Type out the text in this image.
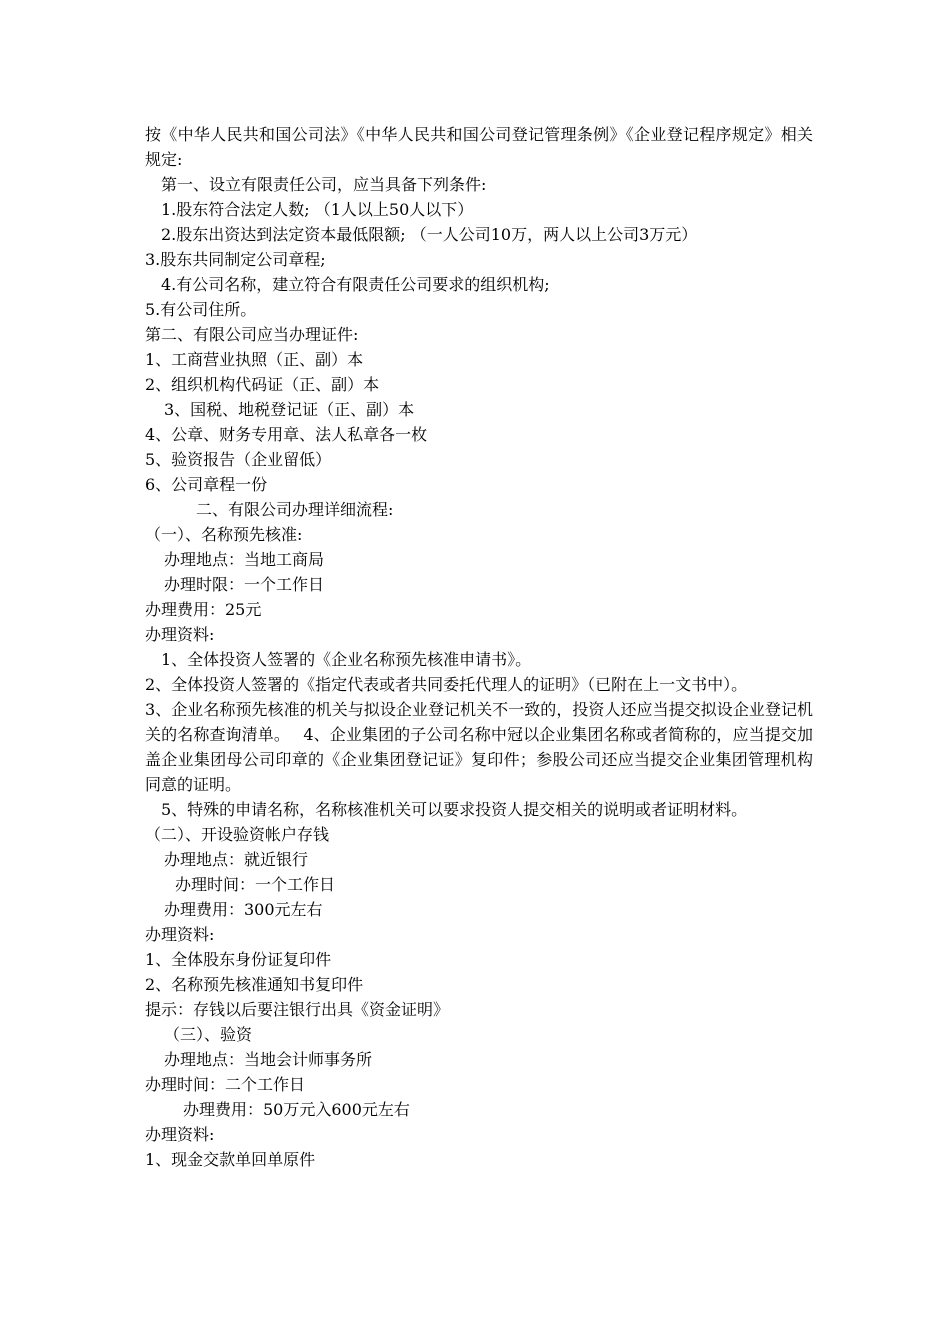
按《中华人民共和国公司法》《中华人民共和国公司登记管理条例》《企业登记程序规定》相关规定:
第一、设立有限责任公司，应当具备下列条件:
1.股东符合法定人数; （1人以上50人以下）
2.股东出资达到法定资本最低限额; （一人公司10万，两人以上公司3万元）
3.股东共同制定公司章程;
4.有公司名称，建立符合有限责任公司要求的组织机构;
5.有公司住所。
第二、有限公司应当办理证件:
1、工商营业执照（正、副）本
2、组织机构代码证（正、副）本
3、国税、地税登记证（正、副）本
4、公章、财务专用章、法人私章各一枚
5、验资报告（企业留低）
6、公司章程一份
二、有限公司办理详细流程:
（一）、名称预先核准:
办理地点：当地工商局
办理时限：一个工作日
办理费用：25元
办理资料:
1、全体投资人签署的《企业名称预先核准申请书》。
2、全体投资人签署的《指定代表或者共同委托代理人的证明》（已附在上一文书中）。
3、企业名称预先核准的机关与拟设企业登记机关不一致的，投资人还应当提交拟设企业登记机关的名称查询清单。　 4、企业集团的子公司名称中冠以企业集团名称或者简称的，应当提交加盖企业集团母公司印章的《企业集团登记证》复印件；参股公司还应当提交企业集团管理机构同意的证明。
5、特殊的申请名称，名称核准机关可以要求投资人提交相关的说明或者证明材料。
（二）、开设验资帐户存钱
办理地点：就近银行
办理时间：一个工作日
办理费用：300元左右
办理资料:
1、全体股东身份证复印件
2、名称预先核准通知书复印件
提示：存钱以后要注银行出具《资金证明》
（三）、验资
办理地点：当地会计师事务所
办理时间：二个工作日
办理费用：50万元入600元左右
办理资料:
1、现金交款单回单原件
